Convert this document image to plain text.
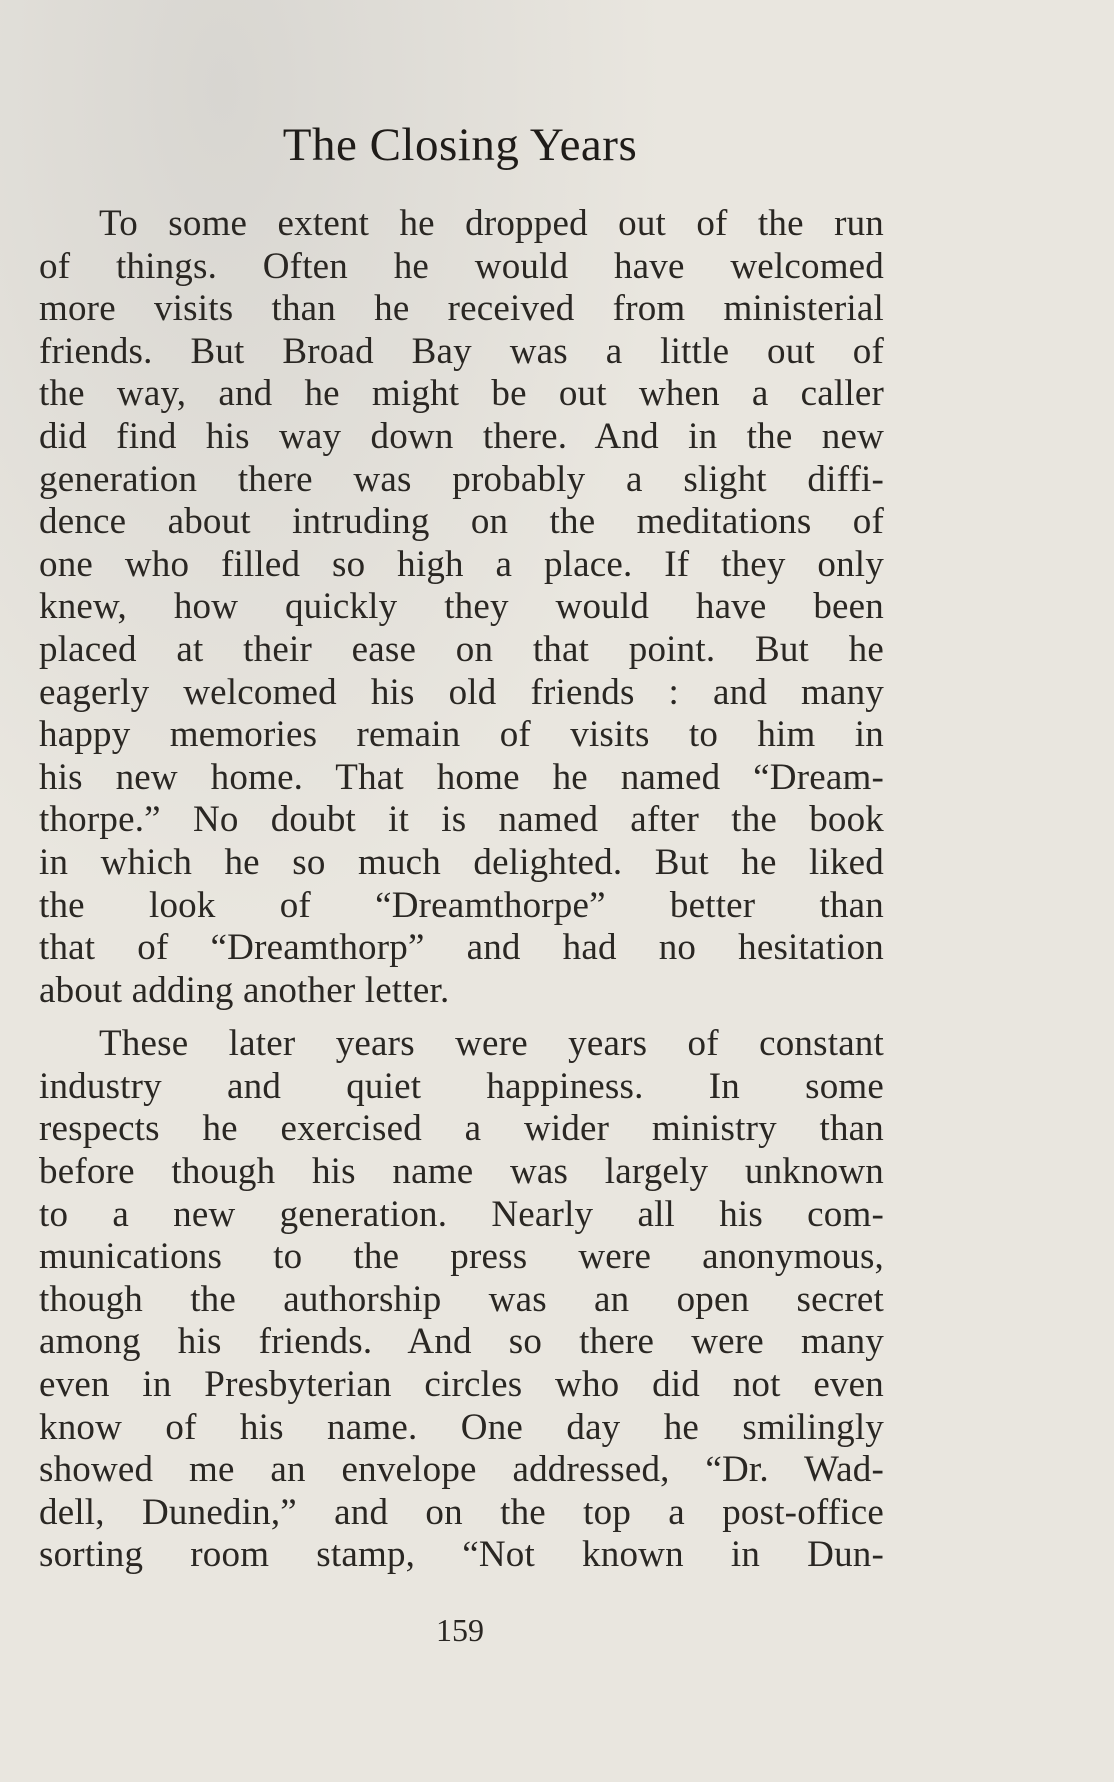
The Closing Years
To some extent he dropped out of the run
of things. Often he would have welcomed
more visits than he received from ministerial
friends. But Broad Bay was a little out of
the way, and he might be out when a caller
did find his way down there. And in the new
generation there was probably a slight diffi-
dence about intruding on the meditations of
one who filled so high a place. If they only
knew, how quickly they would have been
placed at their ease on that point. But he
eagerly welcomed his old friends : and many
happy memories remain of visits to him in
his new home. That home he named “Dream-
thorpe.” No doubt it is named after the book
in which he so much delighted. But he liked
the look of “Dreamthorpe” better than
that of “Dreamthorp” and had no hesitation
about adding another letter.
These later years were years of constant
industry and quiet happiness. In some
respects he exercised a wider ministry than
before though his name was largely unknown
to a new generation. Nearly all his com-
munications to the press were anonymous,
though the authorship was an open secret
among his friends. And so there were many
even in Presbyterian circles who did not even
know of his name. One day he smilingly
showed me an envelope addressed, “Dr. Wad-
dell, Dunedin,” and on the top a post-office
sorting room stamp, “Not known in Dun-
159
